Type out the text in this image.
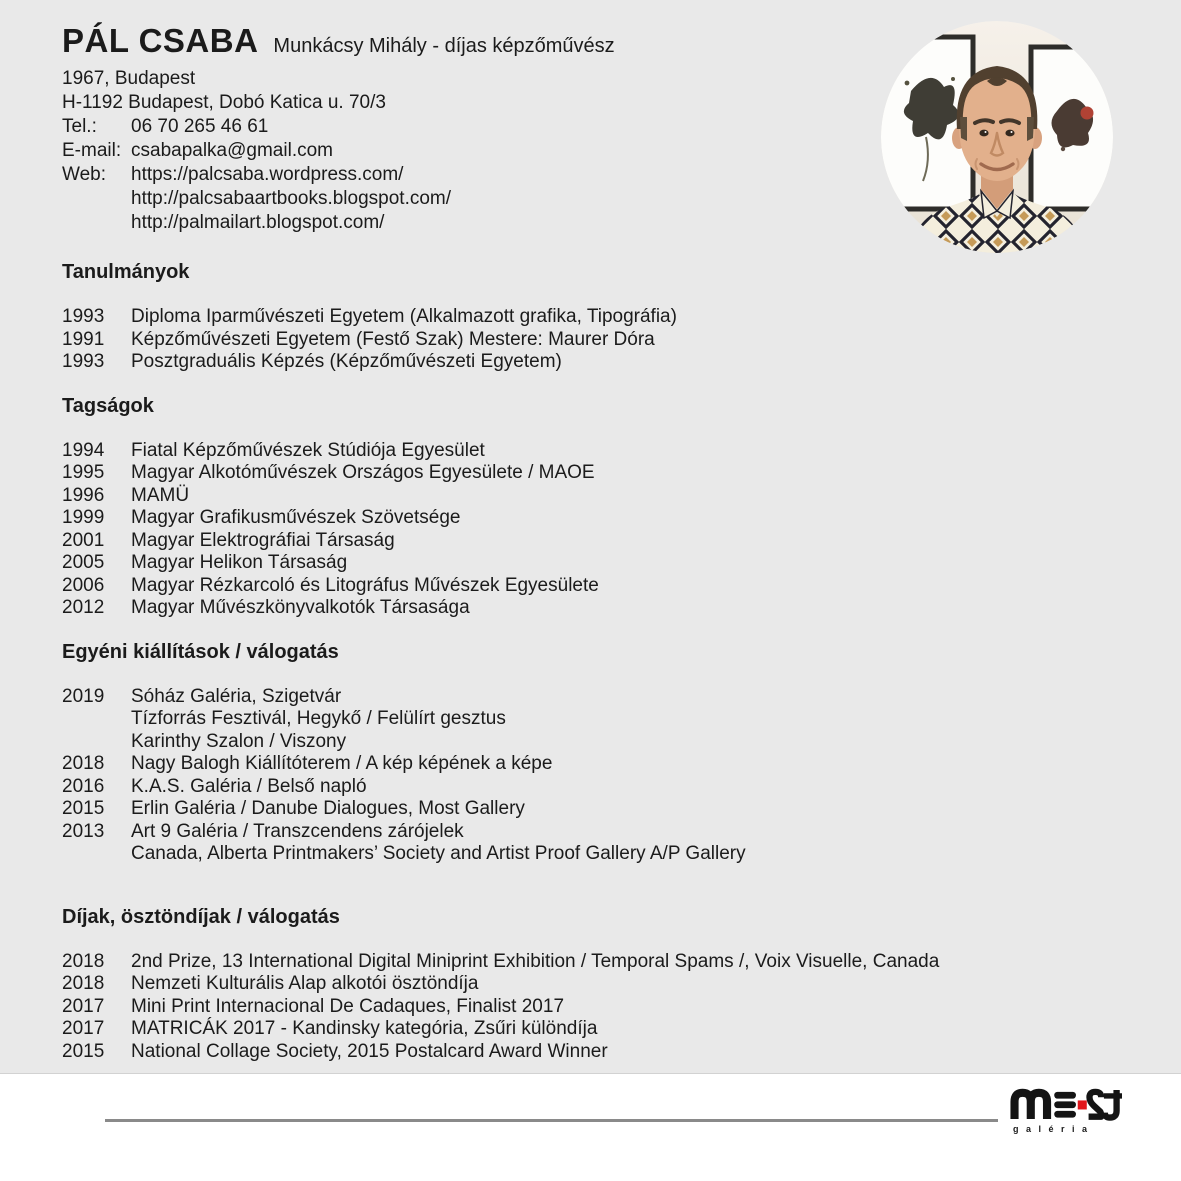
PÁL CSABA Munkácsy Mihály - díjas képzőművész
1967, Budapest
H-1192 Budapest, Dobó Katica u. 70/3
Tel.: 06 70 265 46 61
E-mail: csabapalka@gmail.com
Web: https://palcsaba.wordpress.com/
http://palcsabaartbooks.blogspot.com/
http://palmailart.blogspot.com/
Tanulmányok
1993	Diploma Iparművészeti Egyetem (Alkalmazott grafika, Tipográfia)
1991	Képzőművészeti Egyetem (Festő Szak) Mestere: Maurer Dóra
1993	Posztgraduális Képzés (Képzőművészeti Egyetem)
Tagságok
1994	Fiatal Képzőművészek Stúdiója Egyesület
1995	Magyar Alkotóművészek Országos Egyesülete / MAOE
1996	MAMÜ
1999	Magyar Grafikusművészek Szövetsége
2001	Magyar Elektrográfiai Társaság
2005	Magyar Helikon Társaság
2006	Magyar Rézkarcoló és Litográfus Művészek Egyesülete
2012	Magyar Művészkönyvalkotók Társasága
Egyéni kiállítások / válogatás
2019	Sóház Galéria, Szigetvár
Tízforrás Fesztivál, Hegykő / Felülírt gesztus
Karinthy Szalon / Viszony
2018	Nagy Balogh Kiállítóterem / A kép képének a képe
2016	K.A.S. Galéria / Belső napló
2015	Erlin Galéria / Danube Dialogues, Most Gallery
2013	Art 9 Galéria / Transzcendens zárójelek
Canada, Alberta Printmakers’ Society and Artist Proof Gallery A/P Gallery
Díjak, ösztöndíjak / válogatás
2018	2nd Prize, 13 International Digital Miniprint Exhibition / Temporal Spams /, Voix Visuelle, Canada
2018	Nemzeti Kulturális Alap alkotói ösztöndíja
2017	Mini Print Internacional De Cadaques, Finalist 2017
2017	MATRICÁK 2017 - Kandinsky kategória, Zsűri különdíja
2015	National Collage Society, 2015 Postalcard Award Winner
galéria
